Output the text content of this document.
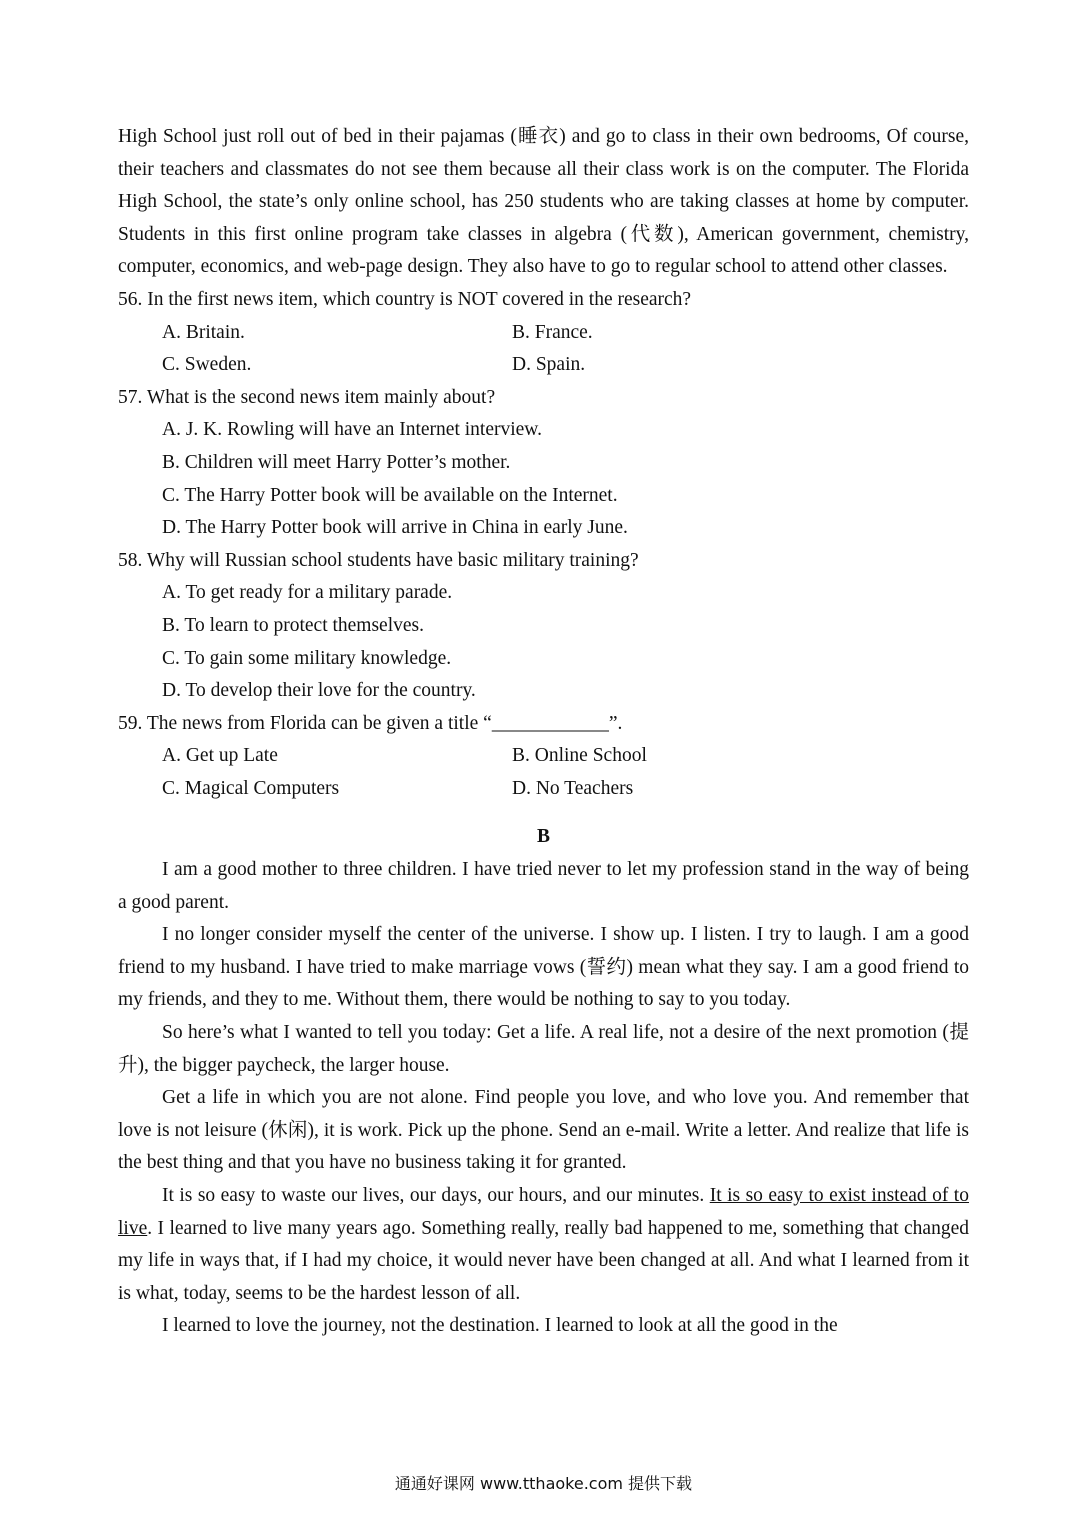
High School just roll out of bed in their pajamas (睡衣) and go to class in their own bedrooms, Of course, their teachers and classmates do not see them because all their class work is on the computer. The Florida High School, the state’s only online school, has 250 students who are taking classes at home by computer. Students in this first online program take classes in algebra (代数), American government, chemistry, computer, economics, and web-page design. They also have to go to regular school to attend other classes.

56. In the first news item, which country is NOT covered in the research?

A. Britain.	B. France.
C. Sweden.	D. Spain.

57. What is the second news item mainly about?

A. J. K. Rowling will have an Internet interview.

B. Children will meet Harry Potter’s mother.

C. The Harry Potter book will be available on the Internet.

D. The Harry Potter book will arrive in China in early June.

58. Why will Russian school students have basic military training?

A. To get ready for a military parade.

B. To learn to protect themselves.

C. To gain some military knowledge.

D. To develop their love for the country.

59. The news from Florida can be given a title “____________”.

A. Get up Late	B. Online School
C. Magical Computers	D. No Teachers

B

I am a good mother to three children. I have tried never to let my profession stand in the way of being a good parent.

I no longer consider myself the center of the universe. I show up. I listen. I try to laugh. I am a good friend to my husband. I have tried to make marriage vows (誓约) mean what they say. I am a good friend to my friends, and they to me. Without them, there would be nothing to say to you today.

So here’s what I wanted to tell you today: Get a life. A real life, not a desire of the next promotion (提升), the bigger paycheck, the larger house.

Get a life in which you are not alone. Find people you love, and who love you. And remember that love is not leisure (休闲), it is work. Pick up the phone. Send an e-mail. Write a letter. And realize that life is the best thing and that you have no business taking it for granted.

It is so easy to waste our lives, our days, our hours, and our minutes. It is so easy to exist instead of to live. I learned to live many years ago. Something really, really bad happened to me, something that changed my life in ways that, if I had my choice, it would never have been changed at all. And what I learned from it is what, today, seems to be the hardest lesson of all.

I learned to love the journey, not the destination. I learned to look at all the good in the

通通好课网 www.tthaoke.com 提供下载
